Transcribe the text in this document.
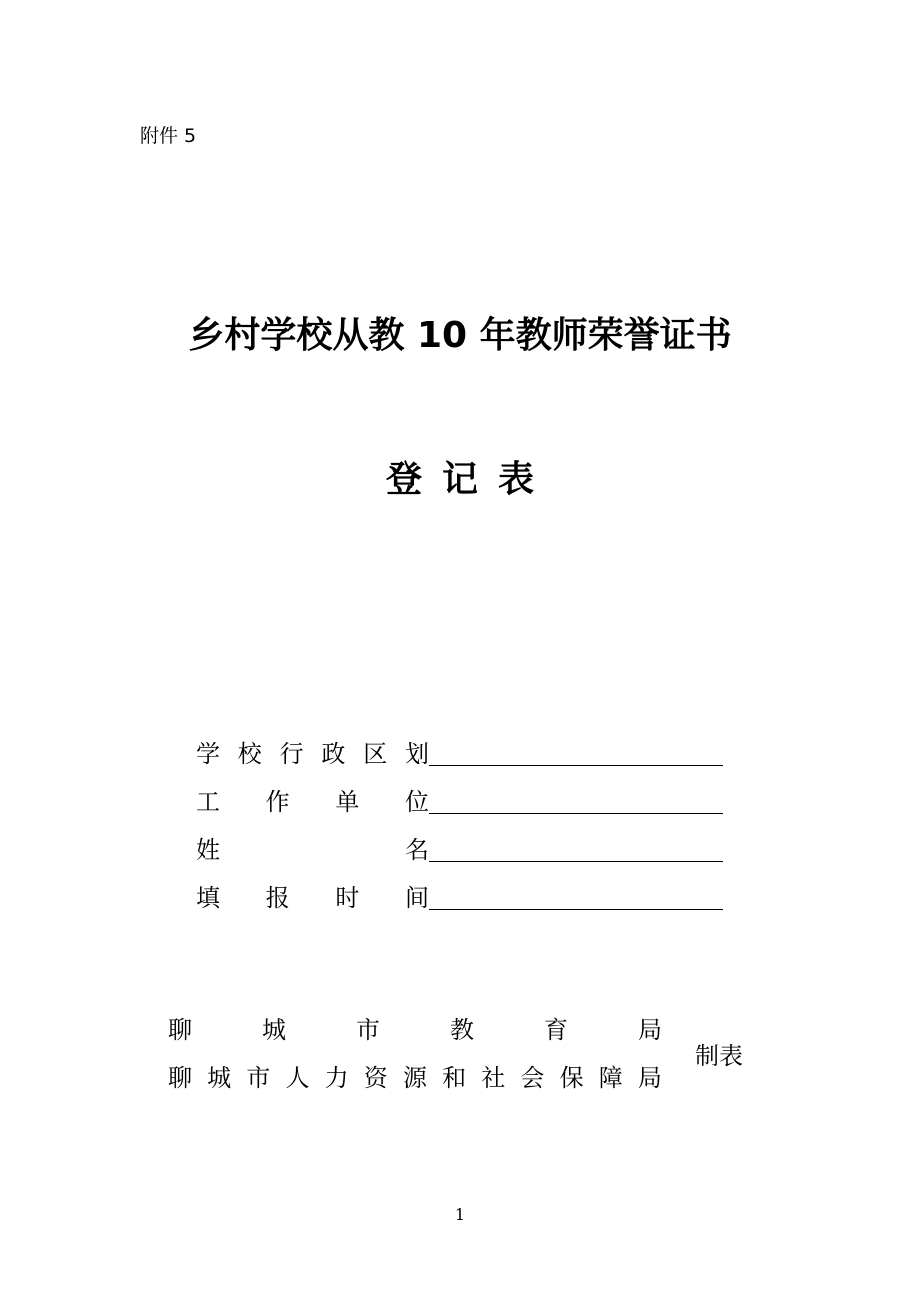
附件 5
乡村学校从教 10 年教师荣誉证书
登记表
学 校 行 政 区 划
工 作 单 位
姓	名
填 报 时 间
聊	城	市	教	育	局
聊 城 市 人 力 资 源 和 社 会 保 障 局
制表
1
